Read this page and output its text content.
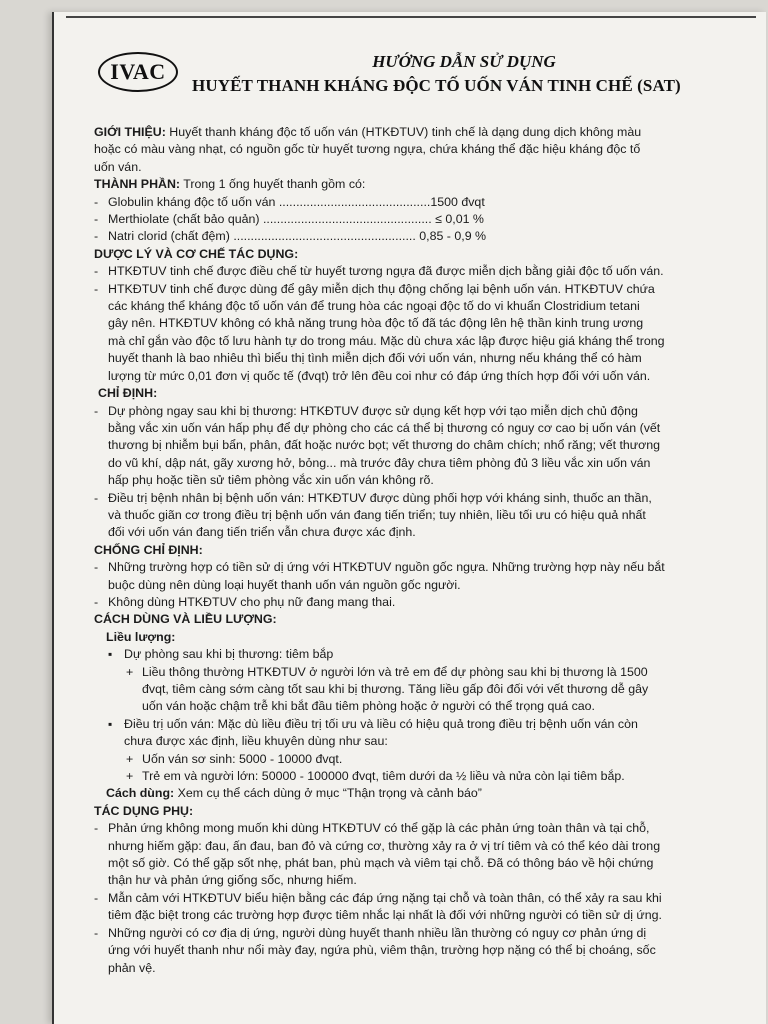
IVAC	HƯỚNG DẪN SỬ DỤNG
HUYẾT THANH KHÁNG ĐỘC TỐ UỐN VÁN TINH CHẾ (SAT)

GIỚI THIỆU: Huyết thanh kháng độc tố uốn ván (HTKĐTUV) tinh chế là dạng dung dịch không màu

hoặc có màu vàng nhạt, có nguồn gốc từ huyết tương ngựa, chứa kháng thể đặc hiệu kháng độc tố

uốn ván.

THÀNH PHẦN: Trong 1 ống huyết thanh gồm có:

- Globulin kháng độc tố uốn ván
............................................ 1500 đvqt
- Merthiolate (chất bảo quản)
.................................................
≤ 0,01 %
- Natri clorid (chất đệm)
.....................................................
0,85 - 0,9 %

DƯỢC LÝ VÀ CƠ CHẾ TÁC DỤNG:

- HTKĐTUV tinh chế được điều chế từ huyết tương ngựa đã được miễn dịch bằng giải độc tố uốn ván.
- HTKĐTUV tinh chế được dùng để gây miễn dịch thụ động chống lại bệnh uốn ván. HTKĐTUV chứa
các kháng thể kháng độc tố uốn ván để trung hòa các ngoại độc tố do vi khuẩn Clostridium tetani
gây nên. HTKĐTUV không có khả năng trung hòa độc tố đã tác động lên hệ thần kinh trung ương
mà chỉ gắn vào độc tố lưu hành tự do trong máu. Mặc dù chưa xác lập được hiệu giá kháng thể trong
huyết thanh là bao nhiêu thì biểu thị tình miễn dịch đối với uốn ván, nhưng nếu kháng thể có hàm
lượng từ mức 0,01 đơn vị quốc tế (đvqt) trở lên đều coi như có đáp ứng thích hợp đối với uốn ván.

CHỈ ĐỊNH:

- Dự phòng ngay sau khi bị thương: HTKĐTUV được sử dụng kết hợp với tạo miễn dịch chủ động
bằng vắc xin uốn ván hấp phụ để dự phòng cho các cá thể bị thương có nguy cơ cao bị uốn ván (vết
thương bị nhiễm bụi bẩn, phân, đất hoặc nước bọt; vết thương do châm chích; nhổ răng; vết thương
do vũ khí, dập nát, gãy xương hở, bỏng... mà trước đây chưa tiêm phòng đủ 3 liều vắc xin uốn ván
hấp phụ hoặc tiền sử tiêm phòng vắc xin uốn ván không rõ.
- Điều trị bệnh nhân bị bệnh uốn ván: HTKĐTUV được dùng phối hợp với kháng sinh, thuốc an thần,
và thuốc giãn cơ trong điều trị bệnh uốn ván đang tiến triển; tuy nhiên, liều tối ưu có hiệu quả nhất
đối với uốn ván đang tiến triển vẫn chưa được xác định.

CHỐNG CHỈ ĐỊNH:

- Những trường hợp có tiền sử dị ứng với HTKĐTUV nguồn gốc ngựa. Những trường hợp này nếu bắt
buộc dùng nên dùng loại huyết thanh uốn ván nguồn gốc người.
- Không dùng HTKĐTUV cho phụ nữ đang mang thai.

CÁCH DÙNG VÀ LIỀU LƯỢNG:

Liều lượng:

▪ Dự phòng sau khi bị thương: tiêm bắp
+ Liều thông thường HTKĐTUV ở người lớn và trẻ em để dự phòng sau khi bị thương là 1500
đvqt, tiêm càng sớm càng tốt sau khi bị thương. Tăng liều gấp đôi đối với vết thương dễ gây
uốn ván hoặc chậm trễ khi bắt đầu tiêm phòng hoặc ở người có thể trọng quá cao.
▪ Điều trị uốn ván: Mặc dù liều điều trị tối ưu và liều có hiệu quả trong điều trị bệnh uốn ván còn
chưa được xác định, liều khuyên dùng như sau:
+ Uốn ván sơ sinh: 5000 - 10000 đvqt.
+ Trẻ em và người lớn: 50000 - 100000 đvqt, tiêm dưới da ½ liều và nửa còn lại tiêm bắp.

Cách dùng: Xem cụ thể cách dùng ở mục “Thận trọng và cảnh báo”

TÁC DỤNG PHỤ:

- Phản ứng không mong muốn khi dùng HTKĐTUV có thể gặp là các phản ứng toàn thân và tại chỗ,
nhưng hiếm gặp: đau, ấn đau, ban đỏ và cứng cơ, thường xảy ra ở vị trí tiêm và có thể kéo dài trong
một số giờ. Có thể gặp sốt nhẹ, phát ban, phù mạch và viêm tại chỗ. Đã có thông báo về hội chứng
thận hư và phản ứng giống sốc, nhưng hiếm.
- Mẫn cảm với HTKĐTUV biểu hiện bằng các đáp ứng nặng tại chỗ và toàn thân, có thể xảy ra sau khi
tiêm đặc biệt trong các trường hợp được tiêm nhắc lại nhất là đối với những người có tiền sử dị ứng.
- Những người có cơ địa dị ứng, người dùng huyết thanh nhiều lần thường có nguy cơ phản ứng dị
ứng với huyết thanh như nổi mày đay, ngứa phù, viêm thận, trường hợp nặng có thể bị choáng, sốc
phản vệ.
